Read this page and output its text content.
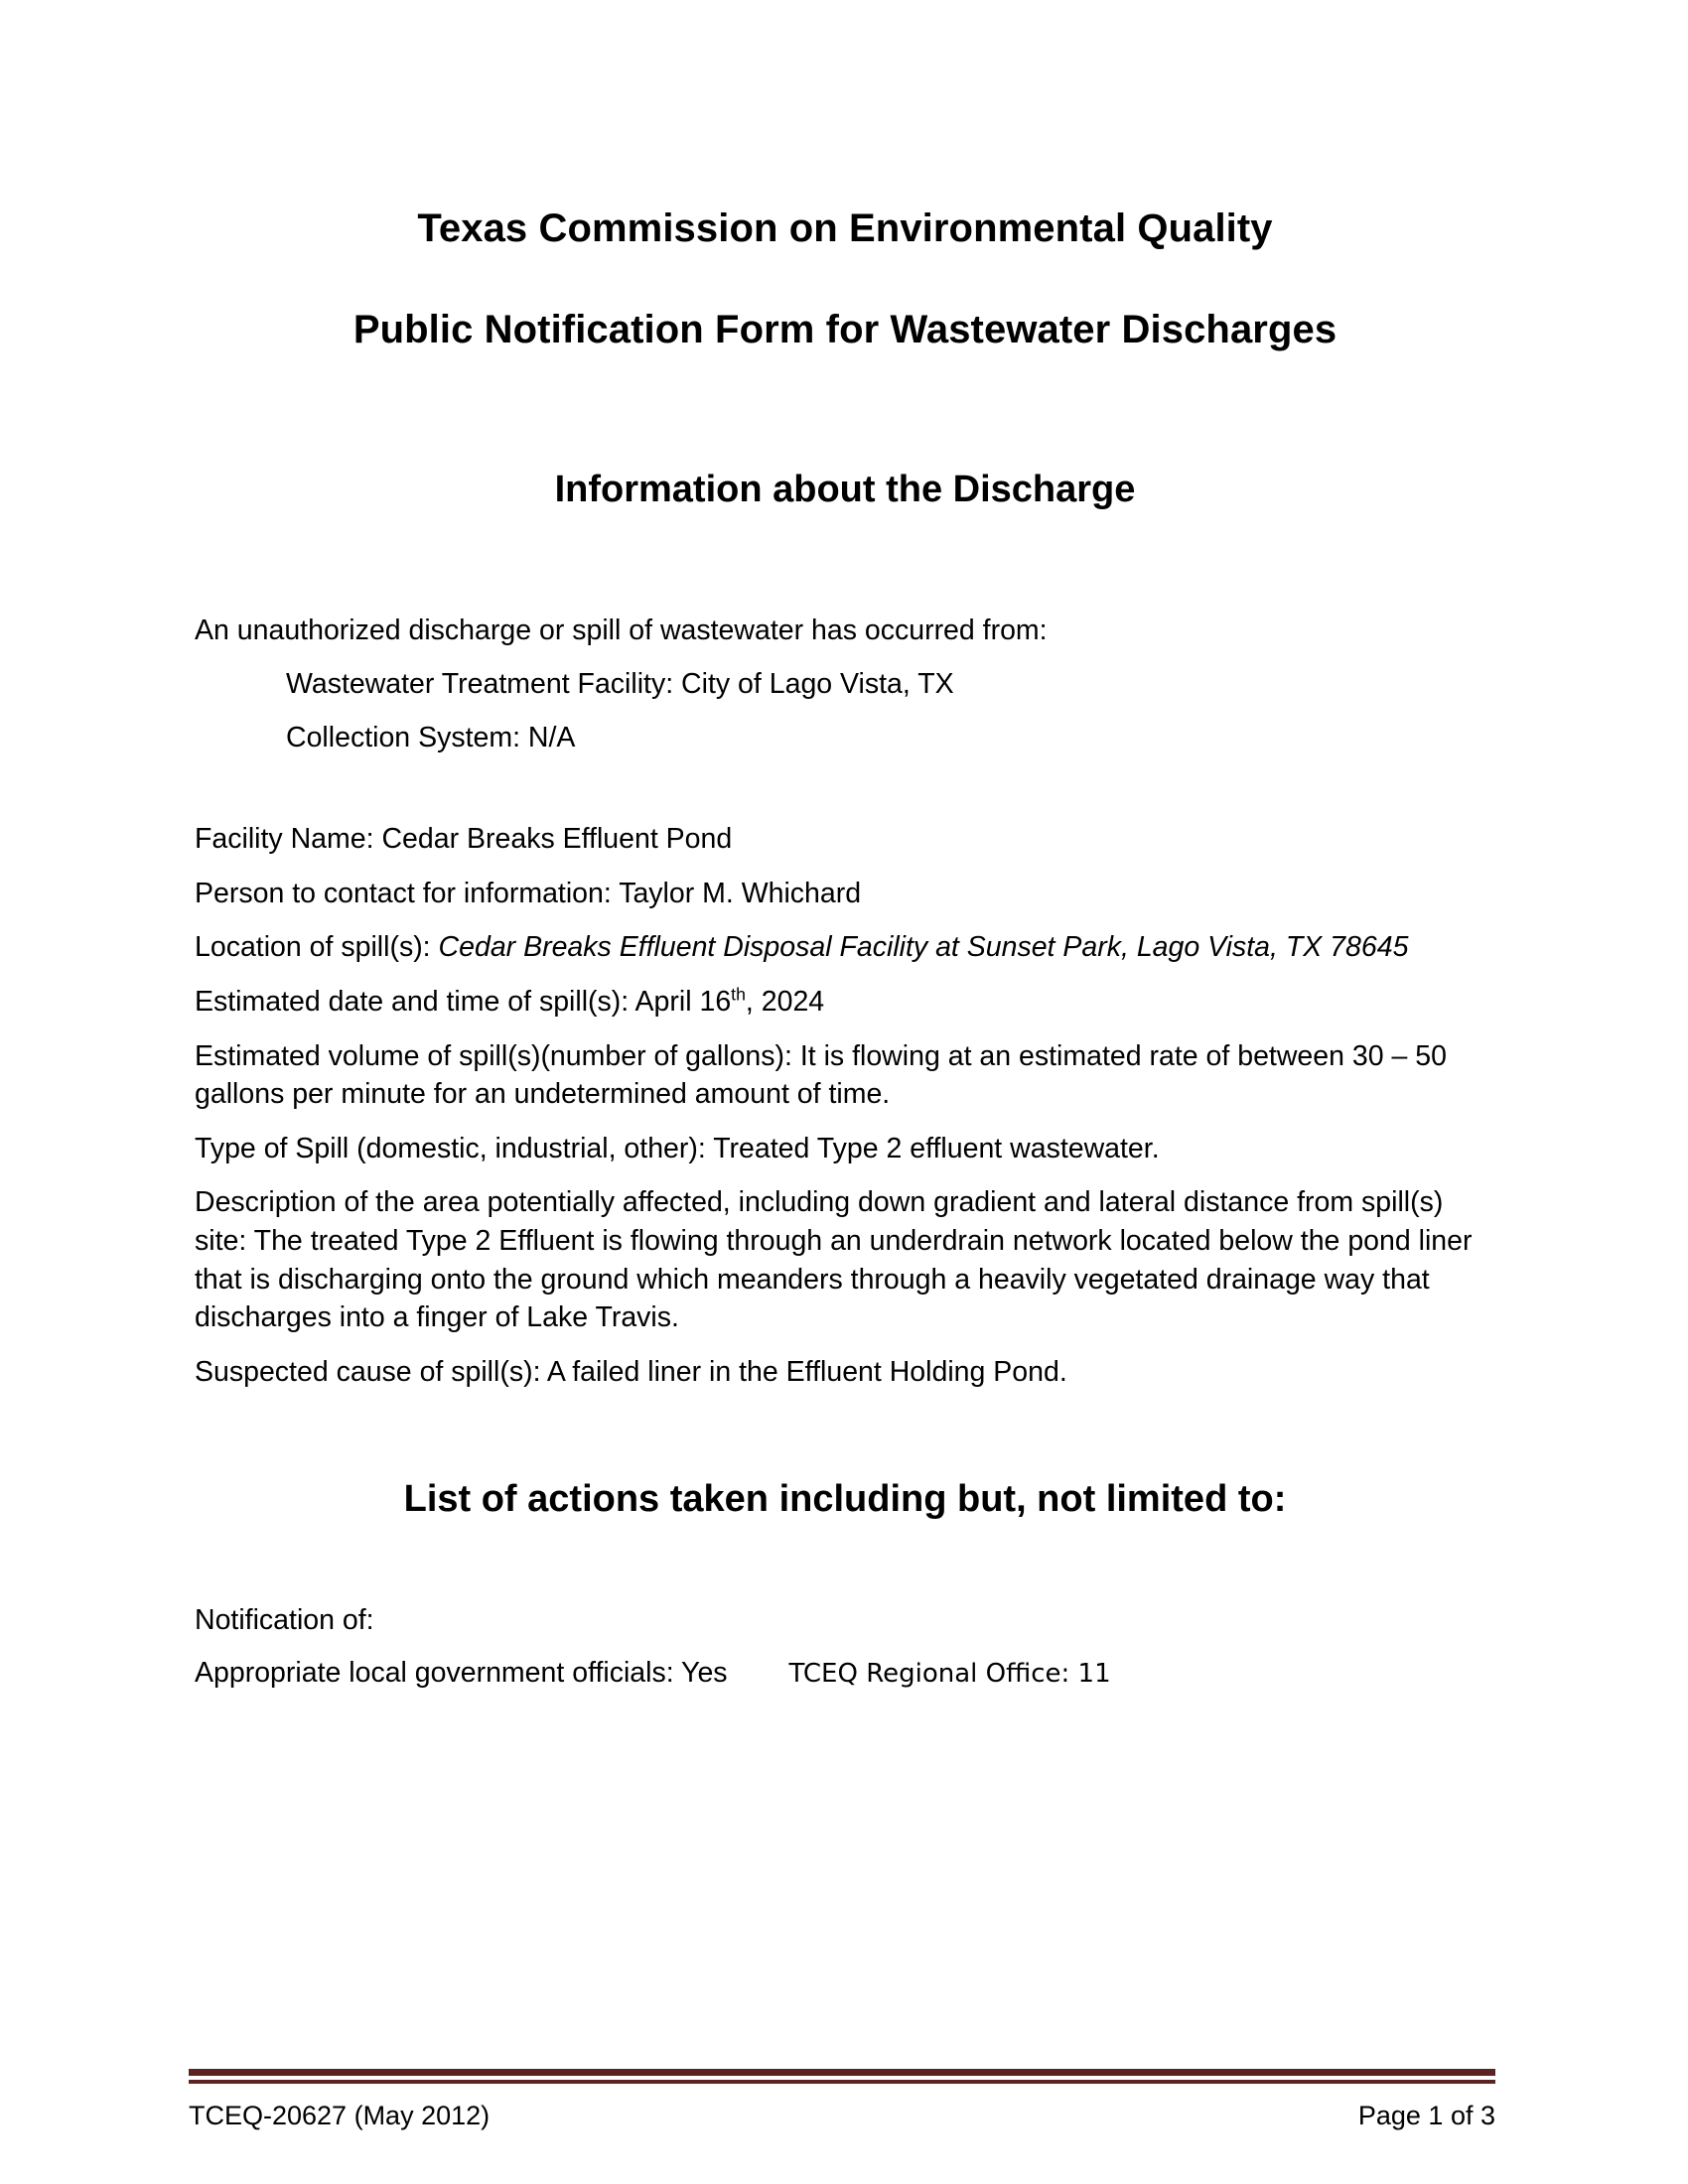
Texas Commission on Environmental Quality
Public Notification Form for Wastewater Discharges
Information about the Discharge

An unauthorized discharge or spill of wastewater has occurred from:

Wastewater Treatment Facility: City of Lago Vista, TX

Collection System: N/A

Facility Name: Cedar Breaks Effluent Pond

Person to contact for information: Taylor M. Whichard

Location of spill(s): Cedar Breaks Effluent Disposal Facility at Sunset Park, Lago Vista, TX 78645

Estimated date and time of spill(s): April 16th, 2024

Estimated volume of spill(s)(number of gallons): It is flowing at an estimated rate of between 30 – 50 gallons per minute for an undetermined amount of time.

Type of Spill (domestic, industrial, other): Treated Type 2 effluent wastewater.

Description of the area potentially affected, including down gradient and lateral distance from spill(s) site: The treated Type 2 Effluent is flowing through an underdrain network located below the pond liner that is discharging onto the ground which meanders through a heavily vegetated drainage way that discharges into a finger of Lake Travis.

Suspected cause of spill(s): A failed liner in the Effluent Holding Pond.

List of actions taken including but, not limited to:

Notification of:

Appropriate local government officials: Yes TCEQ Regional Office: 11

TCEQ-20627 (May 2012)	Page 1 of 3
